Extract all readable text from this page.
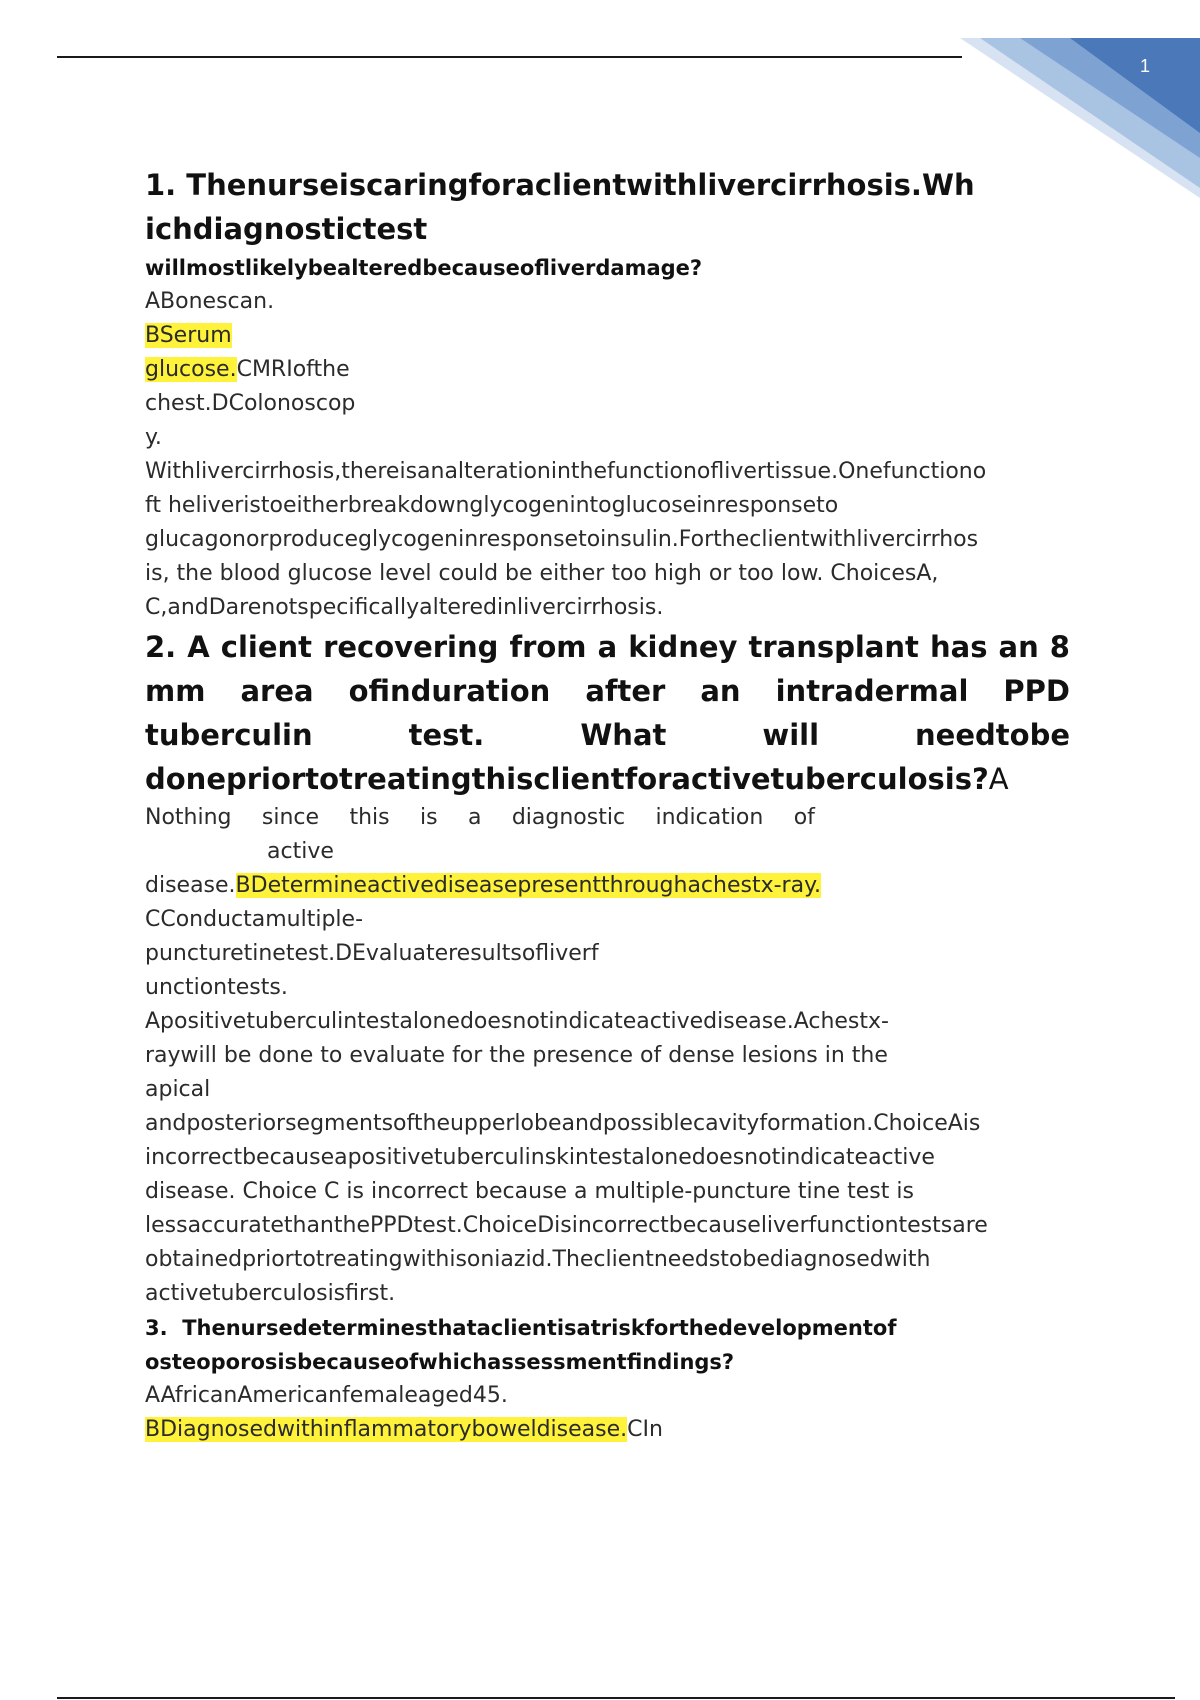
1
1. Thenurseiscaringforaclientwithlivercirrhosis.Wh
ichdiagnostictest
willmostlikelybealteredbecauseofliverdamage?
ABonescan.
BSerum
glucose.CMRIofthe
chest.DColonoscop
y.
Withlivercirrhosis,thereisanalterationinthefunctionoflivertissue.Onefunctiono
ft heliveristoeitherbreakdownglycogenintoglucoseinresponseto
glucagonorproduceglycogeninresponsetoinsulin.Fortheclientwithlivercirrhos
is, the blood glucose level could be either too high or too low. ChoicesA,
C,andDarenotspecificallyalteredinlivercirrhosis.
2. A client recovering from a kidney transplant has an 8
mm area ofinduration after an intradermal PPD
tuberculin test. What will needtobe
donepriortotreatingthisclientforactivetuberculosis?A
Nothing since this is a diagnostic indication of
active
disease.BDetermineactivediseasepresentthroughachestx-ray.
CConductamultiple-
puncturetinetest.DEvaluateresultsofliverf
unctiontests.
Apositivetuberculintestalonedoesnotindicateactivedisease.Achestx-
raywill be done to evaluate for the presence of dense lesions in the
apical
andposteriorsegmentsoftheupperlobeandpossiblecavityformation.ChoiceAis
incorrectbecauseapositivetuberculinskintestalonedoesnotindicateactive
disease. Choice C is incorrect because a multiple-puncture tine test is
lessaccuratethanthePPDtest.ChoiceDisincorrectbecauseliverfunctiontestsare
obtainedpriortotreatingwithisoniazid.Theclientneedstobediagnosedwith
activetuberculosisfirst.
3.  Thenursedeterminesthataclientisatriskforthedevelopmentof
osteoporosisbecauseofwhichassessmentfindings?
AAfricanAmericanfemaleaged45.
BDiagnosedwithinflammatoryboweldisease.CIn
